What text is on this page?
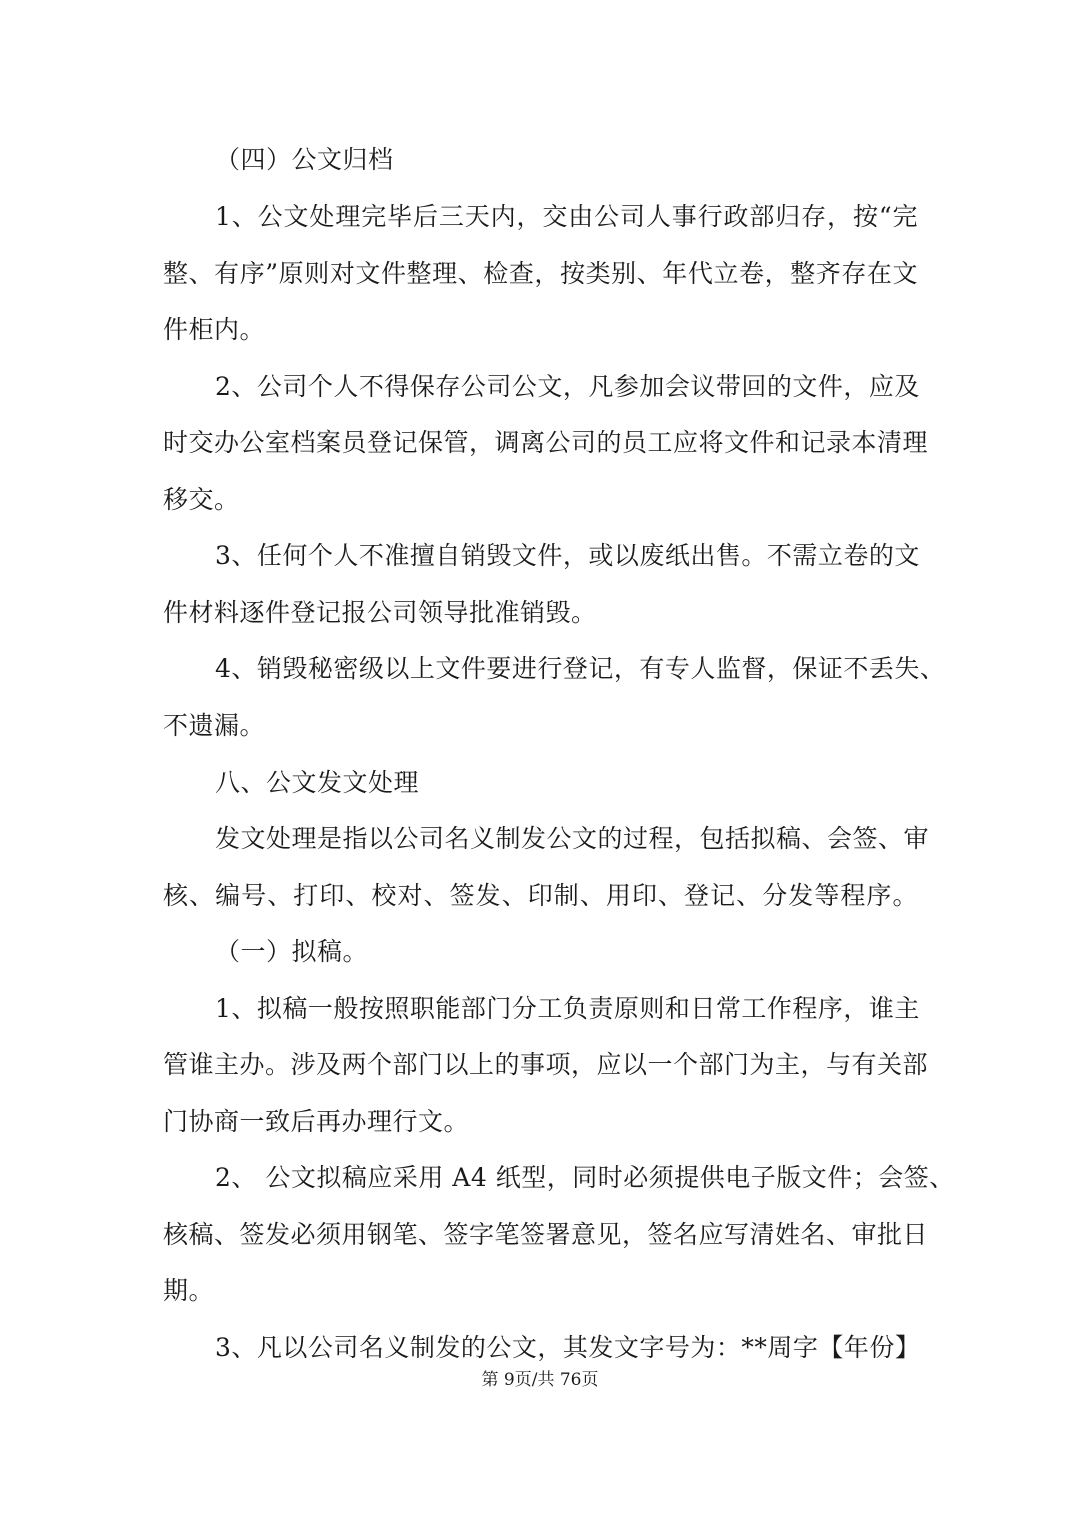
（四）公文归档
1、公文处理完毕后三天内，交由公司人事行政部归存，按“完
整、有序”原则对文件整理、检查，按类别、年代立卷，整齐存在文
件柜内。
2、公司个人不得保存公司公文，凡参加会议带回的文件，应及
时交办公室档案员登记保管，调离公司的员工应将文件和记录本清理
移交。
3、任何个人不准擅自销毁文件，或以废纸出售。不需立卷的文
件材料逐件登记报公司领导批准销毁。
4、销毁秘密级以上文件要进行登记，有专人监督，保证不丢失、
不遗漏。
八、公文发文处理
发文处理是指以公司名义制发公文的过程，包括拟稿、会签、审
核、编号、打印、校对、签发、印制、用印、登记、分发等程序。
（一）拟稿。
1、拟稿一般按照职能部门分工负责原则和日常工作程序，谁主
管谁主办。涉及两个部门以上的事项，应以一个部门为主，与有关部
门协商一致后再办理行文。
2、 公文拟稿应采用 A4 纸型，同时必须提供电子版文件；会签、
核稿、签发必须用钢笔、签字笔签署意见，签名应写清姓名、审批日
期。
3、凡以公司名义制发的公文，其发文字号为：**周字【年份】
第 9页/共 76页
